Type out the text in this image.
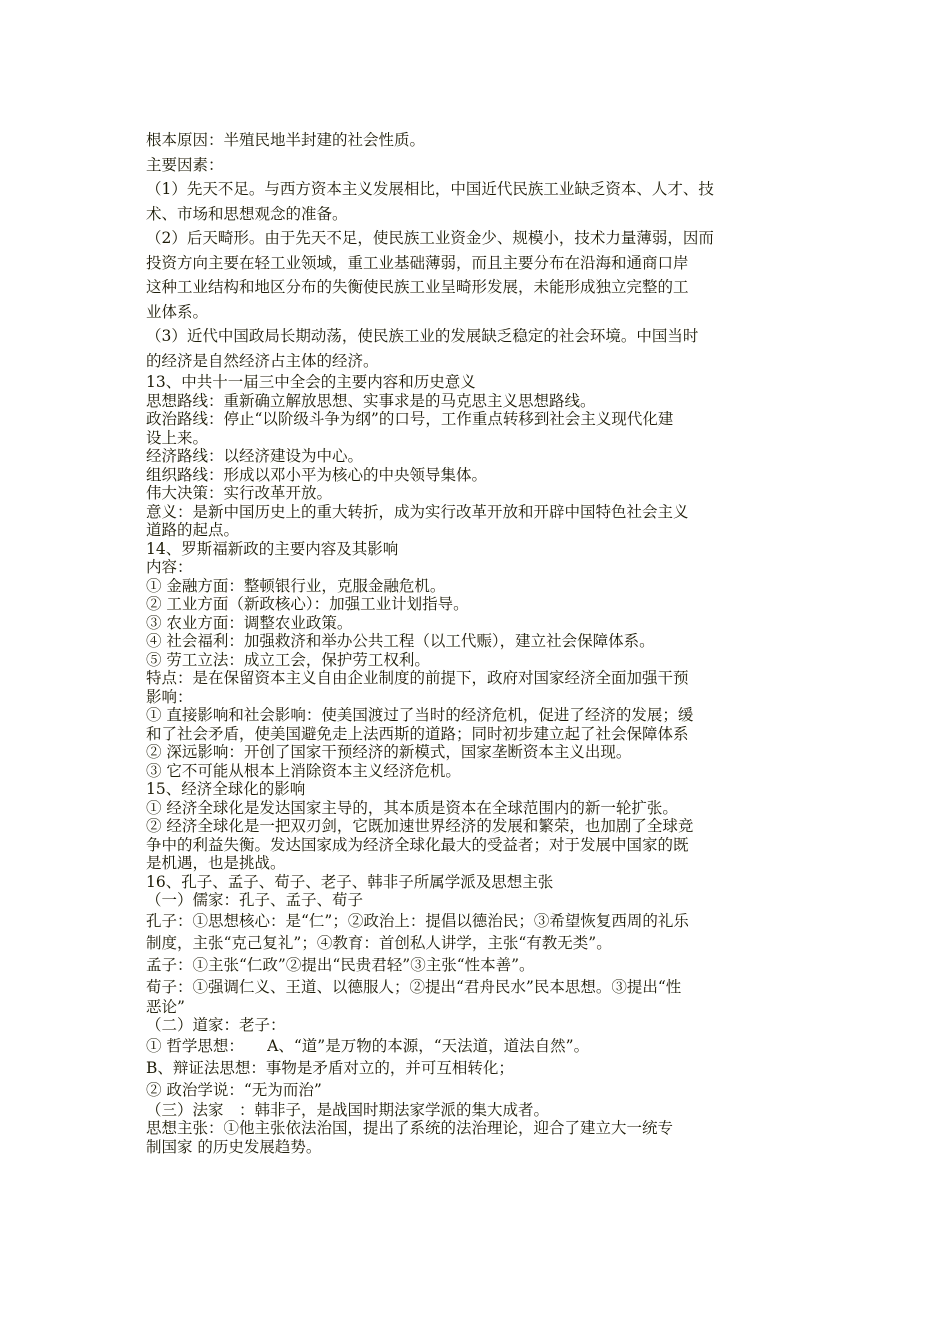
根本原因：半殖民地半封建的社会性质。
主要因素：
（1）先天不足。与西方资本主义发展相比，中国近代民族工业缺乏资本、人才、技
术、市场和思想观念的准备。
（2）后天畸形。由于先天不足，使民族工业资金少、规模小，技术力量薄弱，因而
投资方向主要在轻工业领域，重工业基础薄弱，而且主要分布在沿海和通商口岸
这种工业结构和地区分布的失衡使民族工业呈畸形发展，未能形成独立完整的工
业体系。
（3）近代中国政局长期动荡，使民族工业的发展缺乏稳定的社会环境。中国当时
的经济是自然经济占主体的经济。
13、中共十一届三中全会的主要内容和历史意义
思想路线：重新确立解放思想、实事求是的马克思主义思想路线。
政治路线：停止“以阶级斗争为纲”的口号，工作重点转移到社会主义现代化建
设上来。
经济路线：以经济建设为中心。
组织路线：形成以邓小平为核心的中央领导集体。
伟大决策：实行改革开放。
意义：是新中国历史上的重大转折，成为实行改革开放和开辟中国特色社会主义
道路的起点。
14、罗斯福新政的主要内容及其影响
内容：
① 金融方面：整顿银行业，克服金融危机。
② 工业方面（新政核心）：加强工业计划指导。
③ 农业方面：调整农业政策。
④ 社会福利：加强救济和举办公共工程（以工代赈），建立社会保障体系。
⑤ 劳工立法：成立工会，保护劳工权利。
特点：是在保留资本主义自由企业制度的前提下，政府对国家经济全面加强干预
影响：
① 直接影响和社会影响：使美国渡过了当时的经济危机，促进了经济的发展；缓
和了社会矛盾，使美国避免走上法西斯的道路；同时初步建立起了社会保障体系
② 深远影响：开创了国家干预经济的新模式，国家垄断资本主义出现。
③ 它不可能从根本上消除资本主义经济危机。
15、经济全球化的影响
① 经济全球化是发达国家主导的，其本质是资本在全球范围内的新一轮扩张。
② 经济全球化是一把双刃剑，它既加速世界经济的发展和繁荣，也加剧了全球竞
争中的利益失衡。发达国家成为经济全球化最大的受益者；对于发展中国家的既
是机遇，也是挑战。
16、孔子、孟子、荀子、老子、韩非子所属学派及思想主张
（一）儒家：孔子、孟子、荀子
孔子：①思想核心：是“仁”；②政治上：提倡以德治民；③希望恢复西周的礼乐
制度，主张“克己复礼”；④教育：首创私人讲学，主张“有教无类”。
孟子：①主张“仁政”②提出“民贵君轻”③主张“性本善”。
荀子：①强调仁义、王道、以德服人；②提出“君舟民水”民本思想。③提出“性
恶论”
（二）道家：老子：
① 哲学思想：　　A、“道”是万物的本源，“天法道，道法自然”。
B、辩证法思想：事物是矛盾对立的，并可互相转化；
② 政治学说：“无为而治”
（三）法家　：韩非子，是战国时期法家学派的集大成者。
思想主张：①他主张依法治国，提出了系统的法治理论，迎合了建立大一统专
制国家 的历史发展趋势。
